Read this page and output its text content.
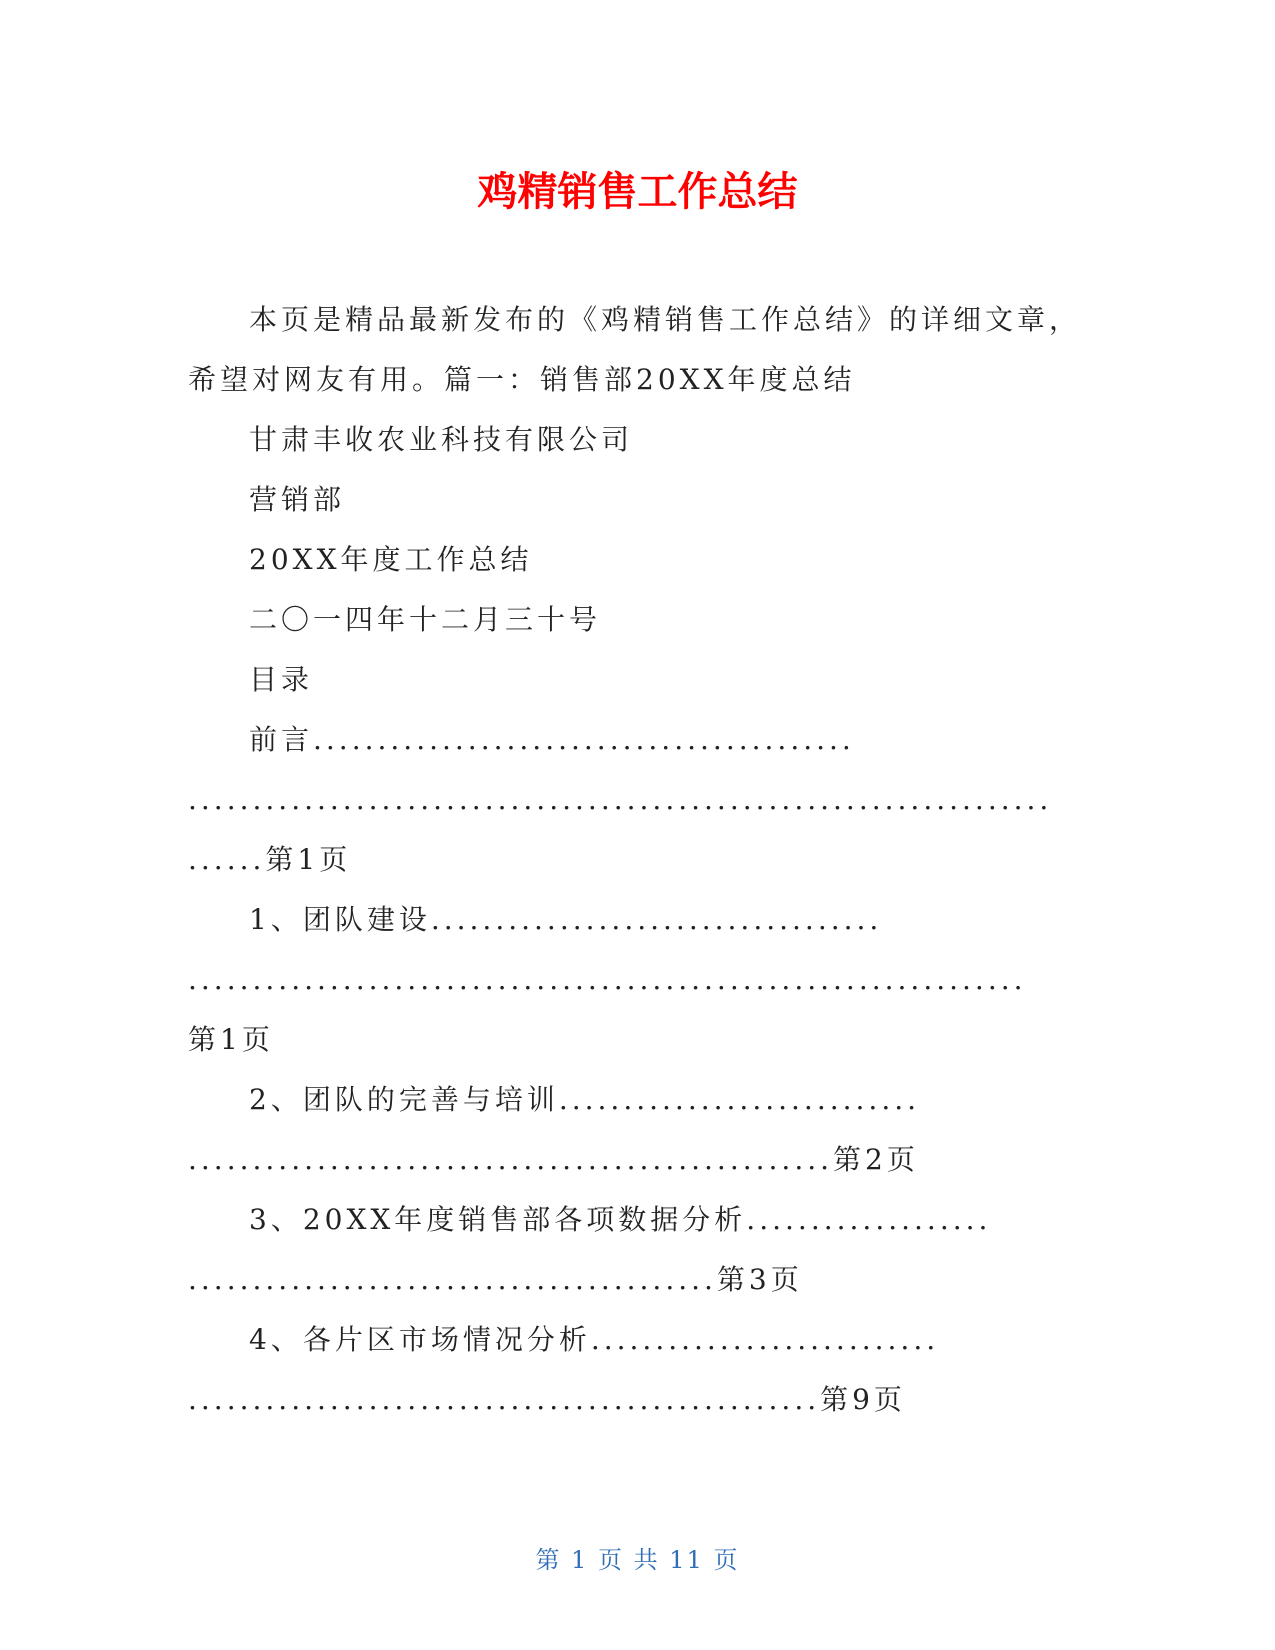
鸡精销售工作总结
本页是精品最新发布的《鸡精销售工作总结》的详细文章，
希望对网友有用。篇一：销售部20XX年度总结
甘肃丰收农业科技有限公司
营销部
20XX年度工作总结
二〇一四年十二月三十号
目录
前言..........................................
...................................................................
......第1页
1、团队建设...................................
.................................................................
第1页
2、团队的完善与培训............................
..................................................第2页
3、20XX年度销售部各项数据分析...................
.........................................第3页
4、各片区市场情况分析...........................
.................................................第9页
第 1 页 共 11 页
